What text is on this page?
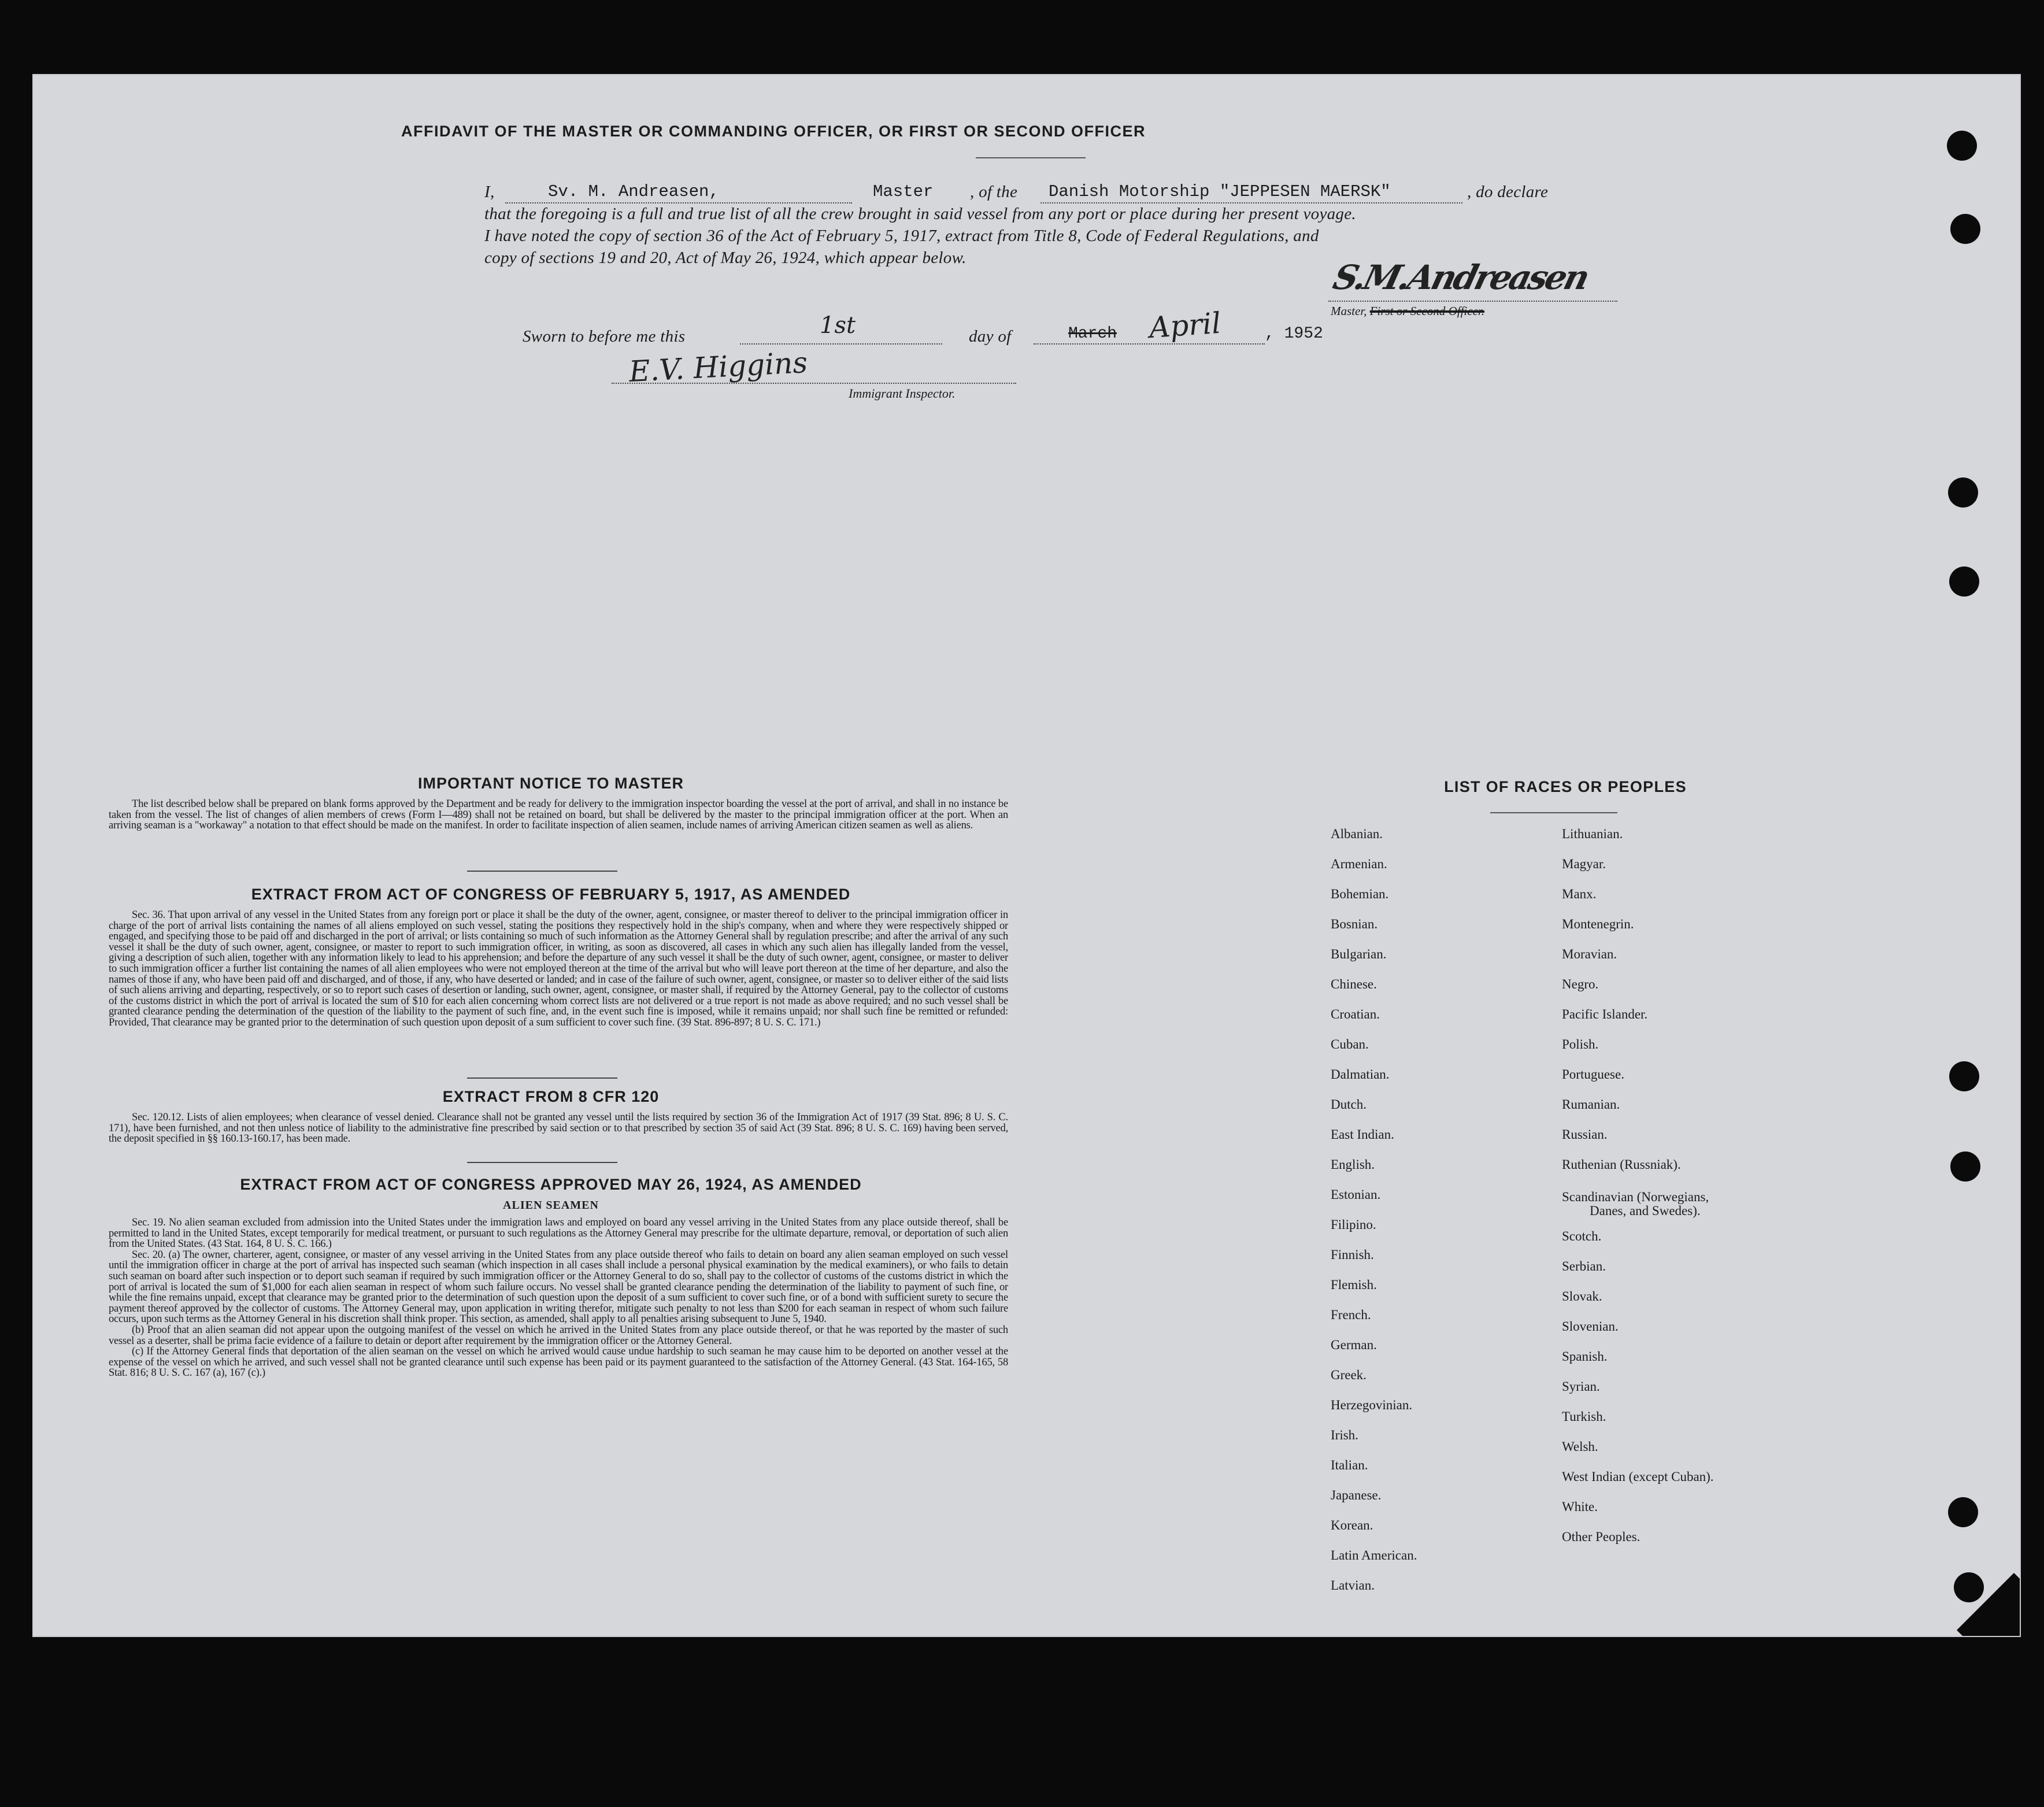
AFFIDAVIT OF THE MASTER OR COMMANDING OFFICER, OR FIRST OR SECOND OFFICER
I,	Sv. M. Andreasen,	Master , of the Danish Motorship "JEPPESEN MAERSK"	, do declare
that the foregoing is a full and true list of all the crew brought in said vessel from any port or place during her present voyage.
I have noted the copy of section 36 of the Act of February 5, 1917, extract from Title 8, Code of Federal Regulations, and
copy of sections 19 and 20, Act of May 26, 1924, which appear below.	S.M.Andreasen
Master, First or Second Officer.
Sworn to before me this	1st	day of	March April	, 1952
E.V. Higgins
Immigrant Inspector.
IMPORTANT NOTICE TO MASTER

The list described below shall be prepared on blank forms approved by the Department and be ready for delivery to the immigration inspector boarding the vessel at the port of arrival, and shall in no instance be taken from the vessel. The list of changes of alien members of crews (Form I—489) shall not be retained on board, but shall be delivered by the master to the principal immigration officer at the port. When an arriving seaman is a "workaway" a notation to that effect should be made on the manifest. In order to facilitate inspection of alien seamen, include names of arriving American citizen seamen as well as aliens.

EXTRACT FROM ACT OF CONGRESS OF FEBRUARY 5, 1917, AS AMENDED

Sec. 36. That upon arrival of any vessel in the United States from any foreign port or place it shall be the duty of the owner, agent, consignee, or master thereof to deliver to the principal immigration officer in charge of the port of arrival lists containing the names of all aliens employed on such vessel, stating the positions they respectively hold in the ship's company, when and where they were respectively shipped or engaged, and specifying those to be paid off and discharged in the port of arrival; or lists containing so much of such information as the Attorney General shall by regulation prescribe; and after the arrival of any such vessel it shall be the duty of such owner, agent, consignee, or master to report to such immigration officer, in writing, as soon as discovered, all cases in which any such alien has illegally landed from the vessel, giving a description of such alien, together with any information likely to lead to his apprehension; and before the departure of any such vessel it shall be the duty of such owner, agent, consignee, or master to deliver to such immigration officer a further list containing the names of all alien employees who were not employed thereon at the time of the arrival but who will leave port thereon at the time of her departure, and also the names of those if any, who have been paid off and discharged, and of those, if any, who have deserted or landed; and in case of the failure of such owner, agent, consignee, or master so to deliver either of the said lists of such aliens arriving and departing, respectively, or so to report such cases of desertion or landing, such owner, agent, consignee, or master shall, if required by the Attorney General, pay to the collector of customs of the customs district in which the port of arrival is located the sum of $10 for each alien concerning whom correct lists are not delivered or a true report is not made as above required; and no such vessel shall be granted clearance pending the determination of the question of the liability to the payment of such fine, and, in the event such fine is imposed, while it remains unpaid; nor shall such fine be remitted or refunded: Provided, That clearance may be granted prior to the determination of such question upon deposit of a sum sufficient to cover such fine. (39 Stat. 896-897; 8 U. S. C. 171.)

EXTRACT FROM 8 CFR 120

Sec. 120.12. Lists of alien employees; when clearance of vessel denied. Clearance shall not be granted any vessel until the lists required by section 36 of the Immigration Act of 1917 (39 Stat. 896; 8 U. S. C. 171), have been furnished, and not then unless notice of liability to the administrative fine prescribed by said section or to that prescribed by section 35 of said Act (39 Stat. 896; 8 U. S. C. 169) having been served, the deposit specified in §§ 160.13-160.17, has been made.

EXTRACT FROM ACT OF CONGRESS APPROVED MAY 26, 1924, AS AMENDED
ALIEN SEAMEN

Sec. 19. No alien seaman excluded from admission into the United States under the immigration laws and employed on board any vessel arriving in the United States from any place outside thereof, shall be permitted to land in the United States, except temporarily for medical treatment, or pursuant to such regulations as the Attorney General may prescribe for the ultimate departure, removal, or deportation of such alien from the United States. (43 Stat. 164, 8 U. S. C. 166.)

Sec. 20. (a) The owner, charterer, agent, consignee, or master of any vessel arriving in the United States from any place outside thereof who fails to detain on board any alien seaman employed on such vessel until the immigration officer in charge at the port of arrival has inspected such seaman (which inspection in all cases shall include a personal physical examination by the medical examiners), or who fails to detain such seaman on board after such inspection or to deport such seaman if required by such immigration officer or the Attorney General to do so, shall pay to the collector of customs of the customs district in which the port of arrival is located the sum of $1,000 for each alien seaman in respect of whom such failure occurs. No vessel shall be granted clearance pending the determination of the liability to payment of such fine, or while the fine remains unpaid, except that clearance may be granted prior to the determination of such question upon the deposit of a sum sufficient to cover such fine, or of a bond with sufficient surety to secure the payment thereof approved by the collector of customs. The Attorney General may, upon application in writing therefor, mitigate such penalty to not less than $200 for each seaman in respect of whom such failure occurs, upon such terms as the Attorney General in his discretion shall think proper. This section, as amended, shall apply to all penalties arising subsequent to June 5, 1940.

(b) Proof that an alien seaman did not appear upon the outgoing manifest of the vessel on which he arrived in the United States from any place outside thereof, or that he was reported by the master of such vessel as a deserter, shall be prima facie evidence of a failure to detain or deport after requirement by the immigration officer or the Attorney General.

(c) If the Attorney General finds that deportation of the alien seaman on the vessel on which he arrived would cause undue hardship to such seaman he may cause him to be deported on another vessel at the expense of the vessel on which he arrived, and such vessel shall not be granted clearance until such expense has been paid or its payment guaranteed to the satisfaction of the Attorney General. (43 Stat. 164-165, 58 Stat. 816; 8 U. S. C. 167 (a), 167 (c).)

LIST OF RACES OR PEOPLES
Albanian.
Armenian.
Bohemian.
Bosnian.
Bulgarian.
Chinese.
Croatian.
Cuban.
Dalmatian.
Dutch.
East Indian.
English.
Estonian.
Filipino.
Finnish.
Flemish.
French.
German.
Greek.
Herzegovinian.
Irish.
Italian.
Japanese.
Korean.
Latin American.
Latvian.
Lithuanian.
Magyar.
Manx.
Montenegrin.
Moravian.
Negro.
Pacific Islander.
Polish.
Portuguese.
Rumanian.
Russian.
Ruthenian (Russniak).
Scandinavian (Norwegians,
Danes, and Swedes).
Scotch.
Serbian.
Slovak.
Slovenian.
Spanish.
Syrian.
Turkish.
Welsh.
West Indian (except Cuban).
White.
Other Peoples.
